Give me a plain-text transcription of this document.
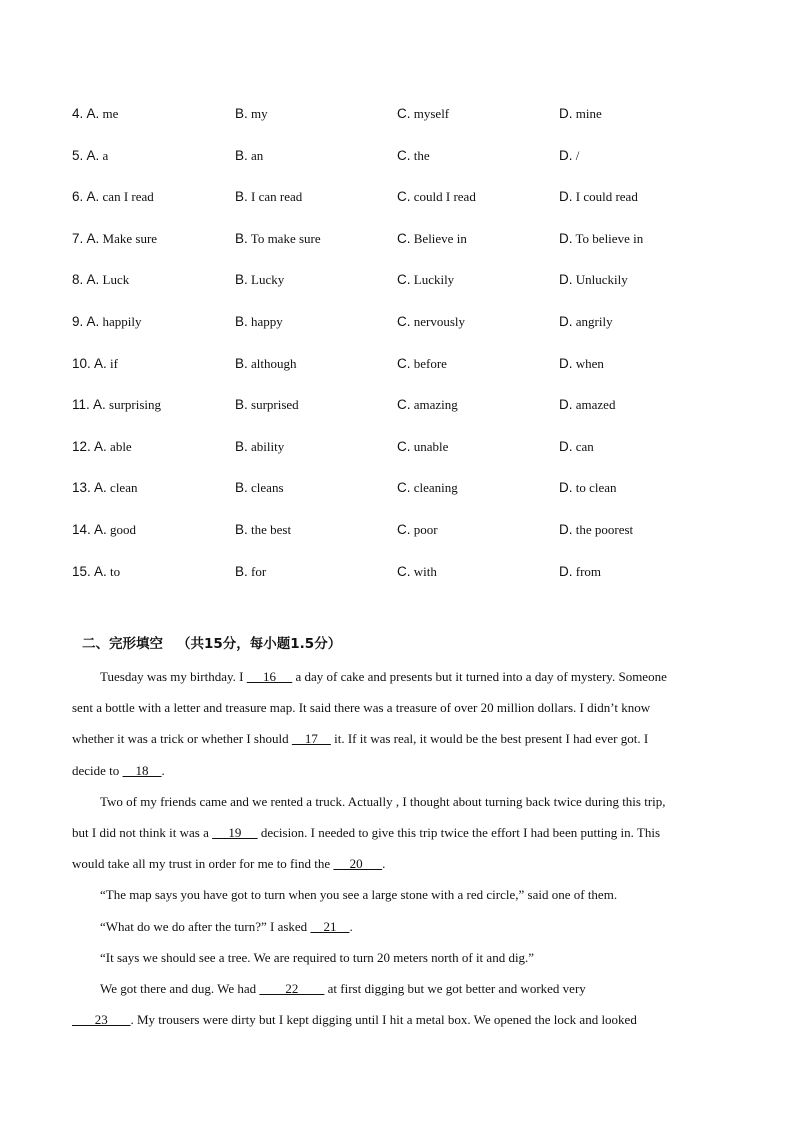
4. A. me	B. my	C. myself	D. mine
5. A. a	B. an	C. the	D. /
6. A. can I read	B. I can read	C. could I read	D. I could read
7. A. Make sure	B. To make sure	C. Believe in	D. To believe in
8. A. Luck	B. Lucky	C. Luckily	D. Unluckily
9. A. happily	B. happy	C. nervously	D. angrily
10. A. if	B. although	C. before	D. when
11. A. surprising	B. surprised	C. amazing	D. amazed
12. A. able	B. ability	C. unable	D. can
13. A. clean	B. cleans	C. cleaning	D. to clean
14. A. good	B. the best	C. poor	D. the poorest
15. A. to	B. for	C. with	D. from
二、完形填空 （共15分，每小题1.5分）
Tuesday was my birthday. I      16      a day of cake and presents but it turned into a day of mystery. Someone
sent a bottle with a letter and treasure map. It said there was a treasure of over 20 million dollars. I didn’t know
whether it was a trick or whether I should     17     it. If it was real, it would be the best present I had ever got. I
decide to     18    .
Two of my friends came and we rented a truck. Actually , I thought about turning back twice during this trip,
but I did not think it was a      19      decision. I needed to give this trip twice the effort I had been putting in. This
would take all my trust in order for me to find the      20      .
“The map says you have got to turn when you see a large stone with a red circle,” said one of them.
“What do we do after the turn?” I asked     21    .
“It says we should see a tree. We are required to turn 20 meters north of it and dig.”
We got there and dug. We had         22         at first digging but we got better and worked very
23       . My trousers were dirty but I kept digging until I hit a metal box. We opened the lock and looked
